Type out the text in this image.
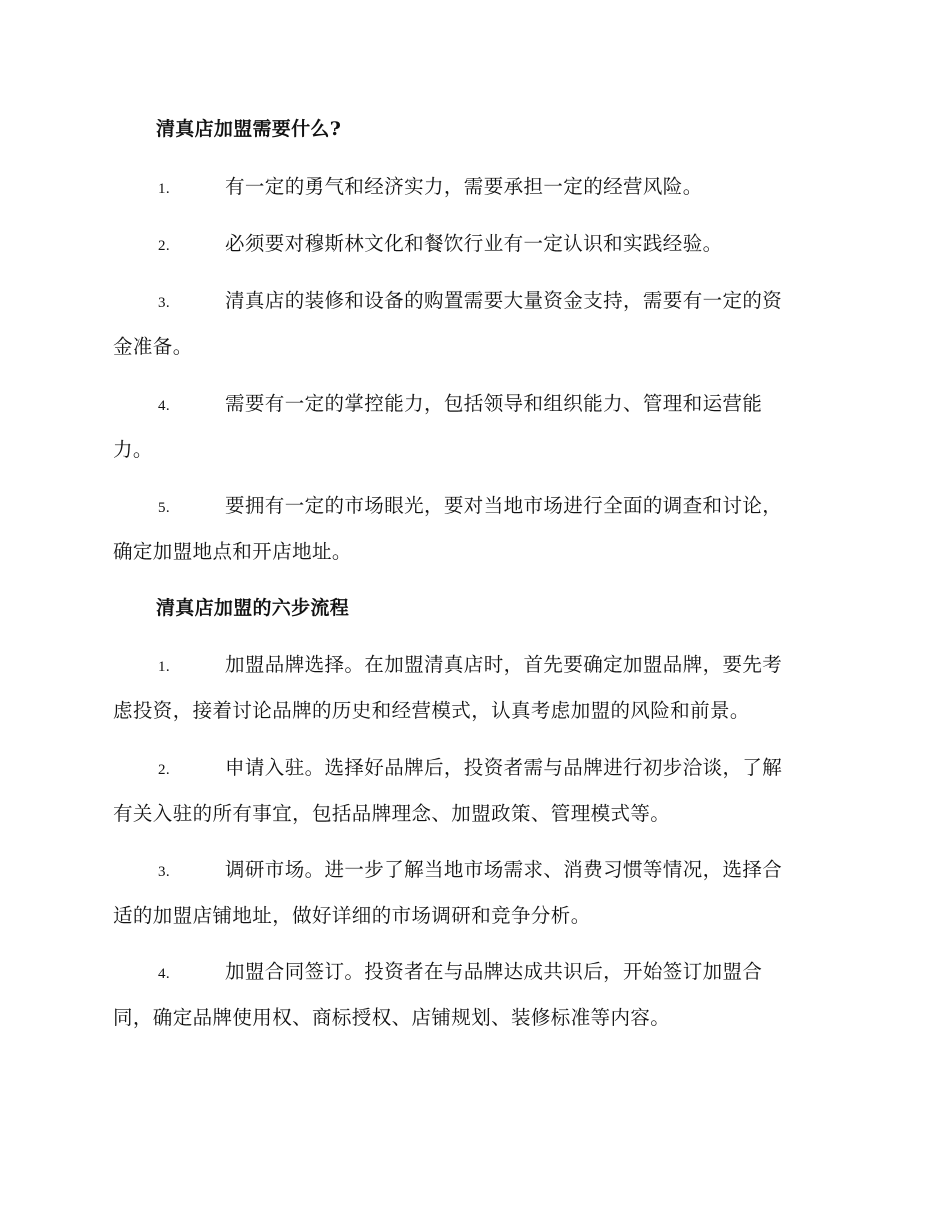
清真店加盟需要什么?
1.	有一定的勇气和经济实力，需要承担一定的经营风险。
2.	必须要对穆斯林文化和餐饮行业有一定认识和实践经验。
3.	清真店的装修和设备的购置需要大量资金支持，需要有一定的资
金准备。
4.	需要有一定的掌控能力，包括领导和组织能力、管理和运营能
力。
5.	要拥有一定的市场眼光，要对当地市场进行全面的调查和讨论，
确定加盟地点和开店地址。
清真店加盟的六步流程
1.	加盟品牌选择。在加盟清真店时，首先要确定加盟品牌，要先考
虑投资，接着讨论品牌的历史和经营模式，认真考虑加盟的风险和前景。
2.	申请入驻。选择好品牌后，投资者需与品牌进行初步洽谈，了解
有关入驻的所有事宜，包括品牌理念、加盟政策、管理模式等。
3.	调研市场。进一步了解当地市场需求、消费习惯等情况，选择合
适的加盟店铺地址，做好详细的市场调研和竞争分析。
4.	加盟合同签订。投资者在与品牌达成共识后，开始签订加盟合
同，确定品牌使用权、商标授权、店铺规划、装修标准等内容。
